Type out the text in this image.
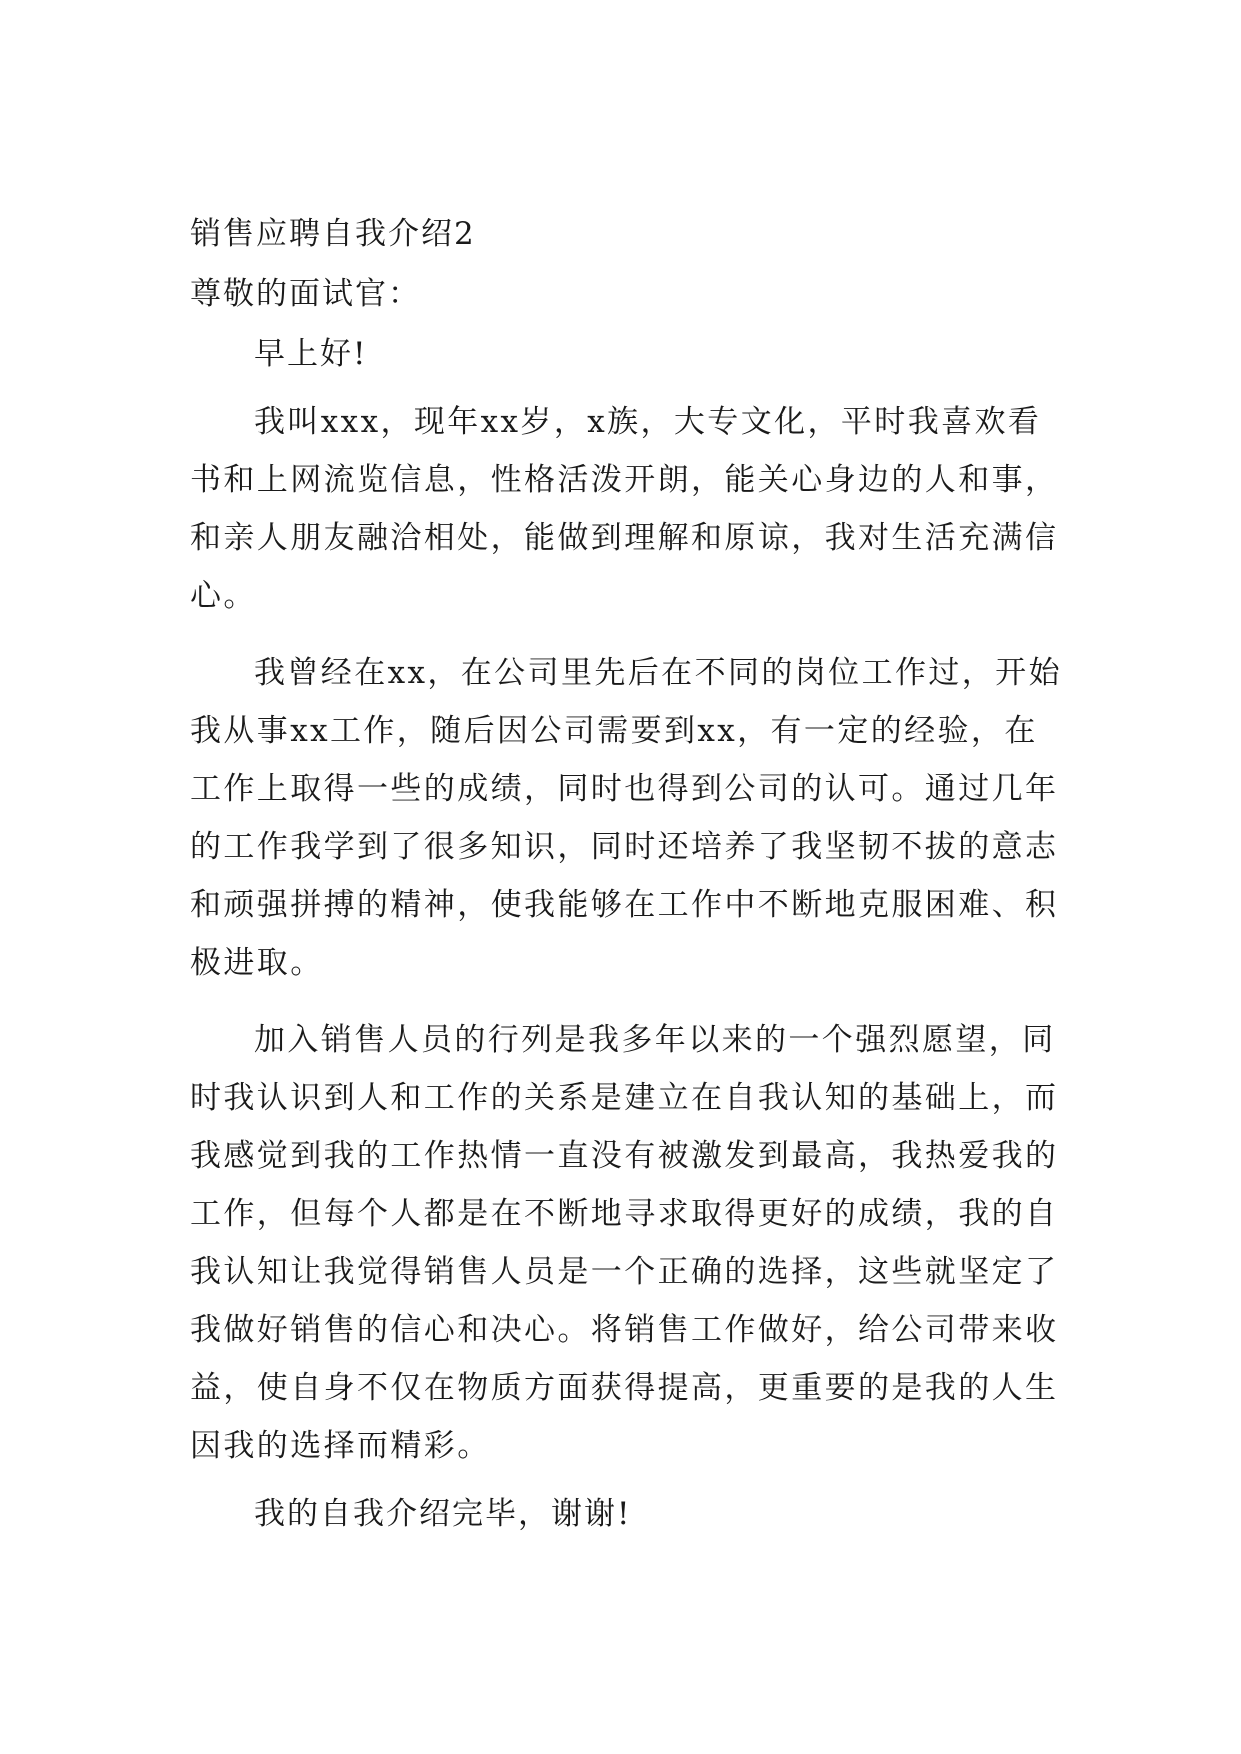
销售应聘自我介绍2

尊敬的面试官：

早上好!

我叫xxx，现年xx岁，x族，大专文化，平时我喜欢看
书和上网流览信息，性格活泼开朗，能关心身边的人和事，
和亲人朋友融洽相处，能做到理解和原谅，我对生活充满信
心。
我曾经在xx，在公司里先后在不同的岗位工作过，开始
我从事xx工作，随后因公司需要到xx，有一定的经验，在
工作上取得一些的成绩，同时也得到公司的认可。通过几年
的工作我学到了很多知识，同时还培养了我坚韧不拔的意志
和顽强拼搏的精神，使我能够在工作中不断地克服困难、积
极进取。
加入销售人员的行列是我多年以来的一个强烈愿望，同
时我认识到人和工作的关系是建立在自我认知的基础上，而
我感觉到我的工作热情一直没有被激发到最高，我热爱我的
工作，但每个人都是在不断地寻求取得更好的成绩，我的自
我认知让我觉得销售人员是一个正确的选择，这些就坚定了
我做好销售的信心和决心。将销售工作做好，给公司带来收
益，使自身不仅在物质方面获得提高，更重要的是我的人生
因我的选择而精彩。

我的自我介绍完毕，谢谢!
